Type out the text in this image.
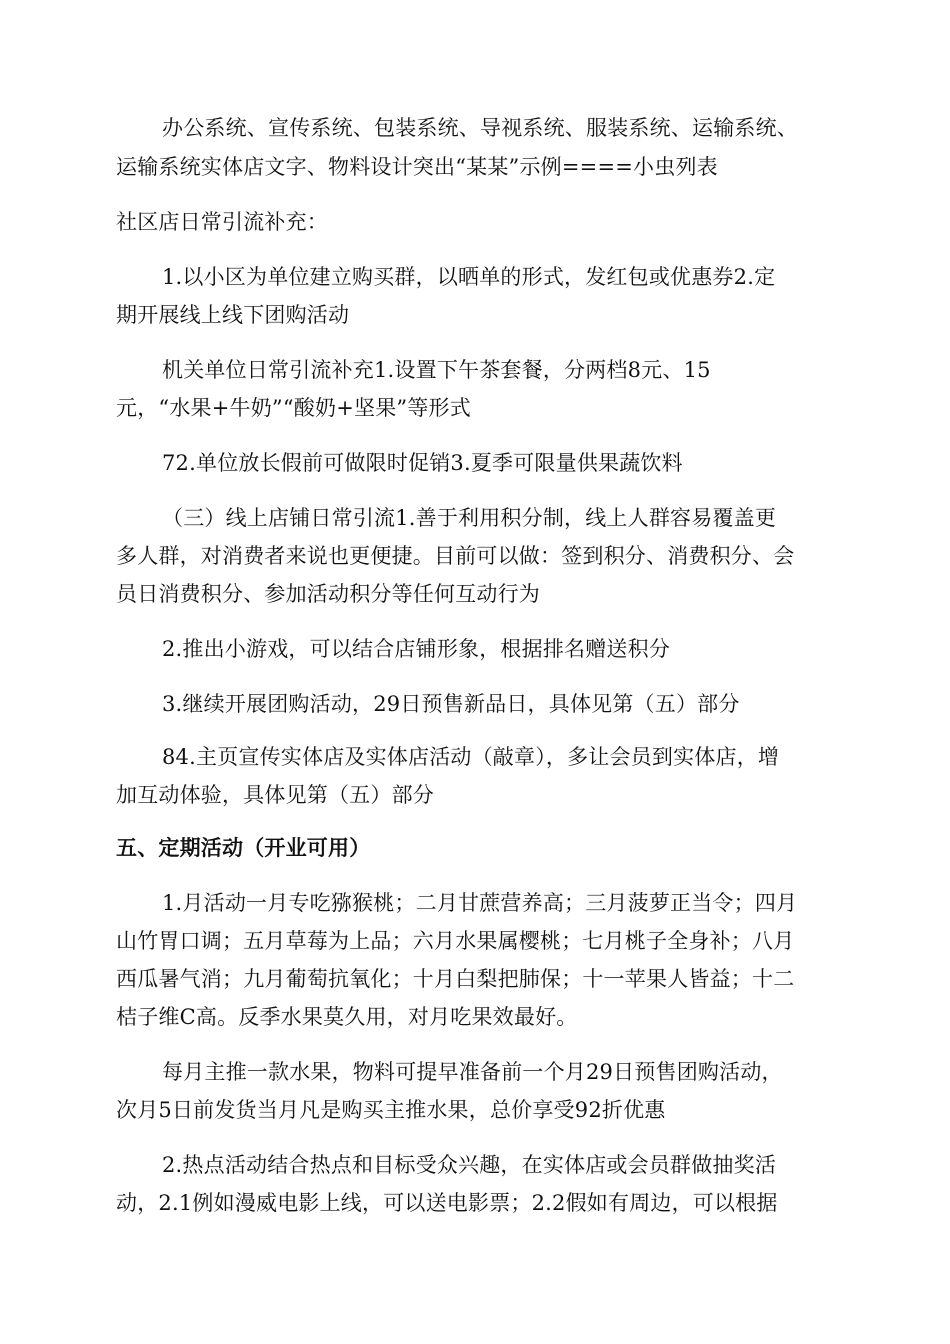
办公系统、宣传系统、包装系统、导视系统、服装系统、运输系统、
运输系统实体店文字、物料设计突出“某某”示例====小虫列表
社区店日常引流补充：
1.以小区为单位建立购买群，以晒单的形式，发红包或优惠券2.定
期开展线上线下团购活动
机关单位日常引流补充1.设置下午茶套餐，分两档8元、15
元，“水果+牛奶”“酸奶+坚果”等形式
72.单位放长假前可做限时促销3.夏季可限量供果蔬饮料
（三）线上店铺日常引流1.善于利用积分制，线上人群容易覆盖更
多人群，对消费者来说也更便捷。目前可以做：签到积分、消费积分、会
员日消费积分、参加活动积分等任何互动行为
2.推出小游戏，可以结合店铺形象，根据排名赠送积分
3.继续开展团购活动，29日预售新品日，具体见第（五）部分
84.主页宣传实体店及实体店活动（敲章），多让会员到实体店，增
加互动体验，具体见第（五）部分
五、定期活动（开业可用）
1.月活动一月专吃猕猴桃；二月甘蔗营养高；三月菠萝正当令；四月
山竹胃口调；五月草莓为上品；六月水果属樱桃；七月桃子全身补；八月
西瓜暑气消；九月葡萄抗氧化；十月白梨把肺保；十一苹果人皆益；十二
桔子维C高。反季水果莫久用，对月吃果效最好。
每月主推一款水果，物料可提早准备前一个月29日预售团购活动，
次月5日前发货当月凡是购买主推水果，总价享受92折优惠
2.热点活动结合热点和目标受众兴趣，在实体店或会员群做抽奖活
动，2.1例如漫威电影上线，可以送电影票；2.2假如有周边，可以根据
